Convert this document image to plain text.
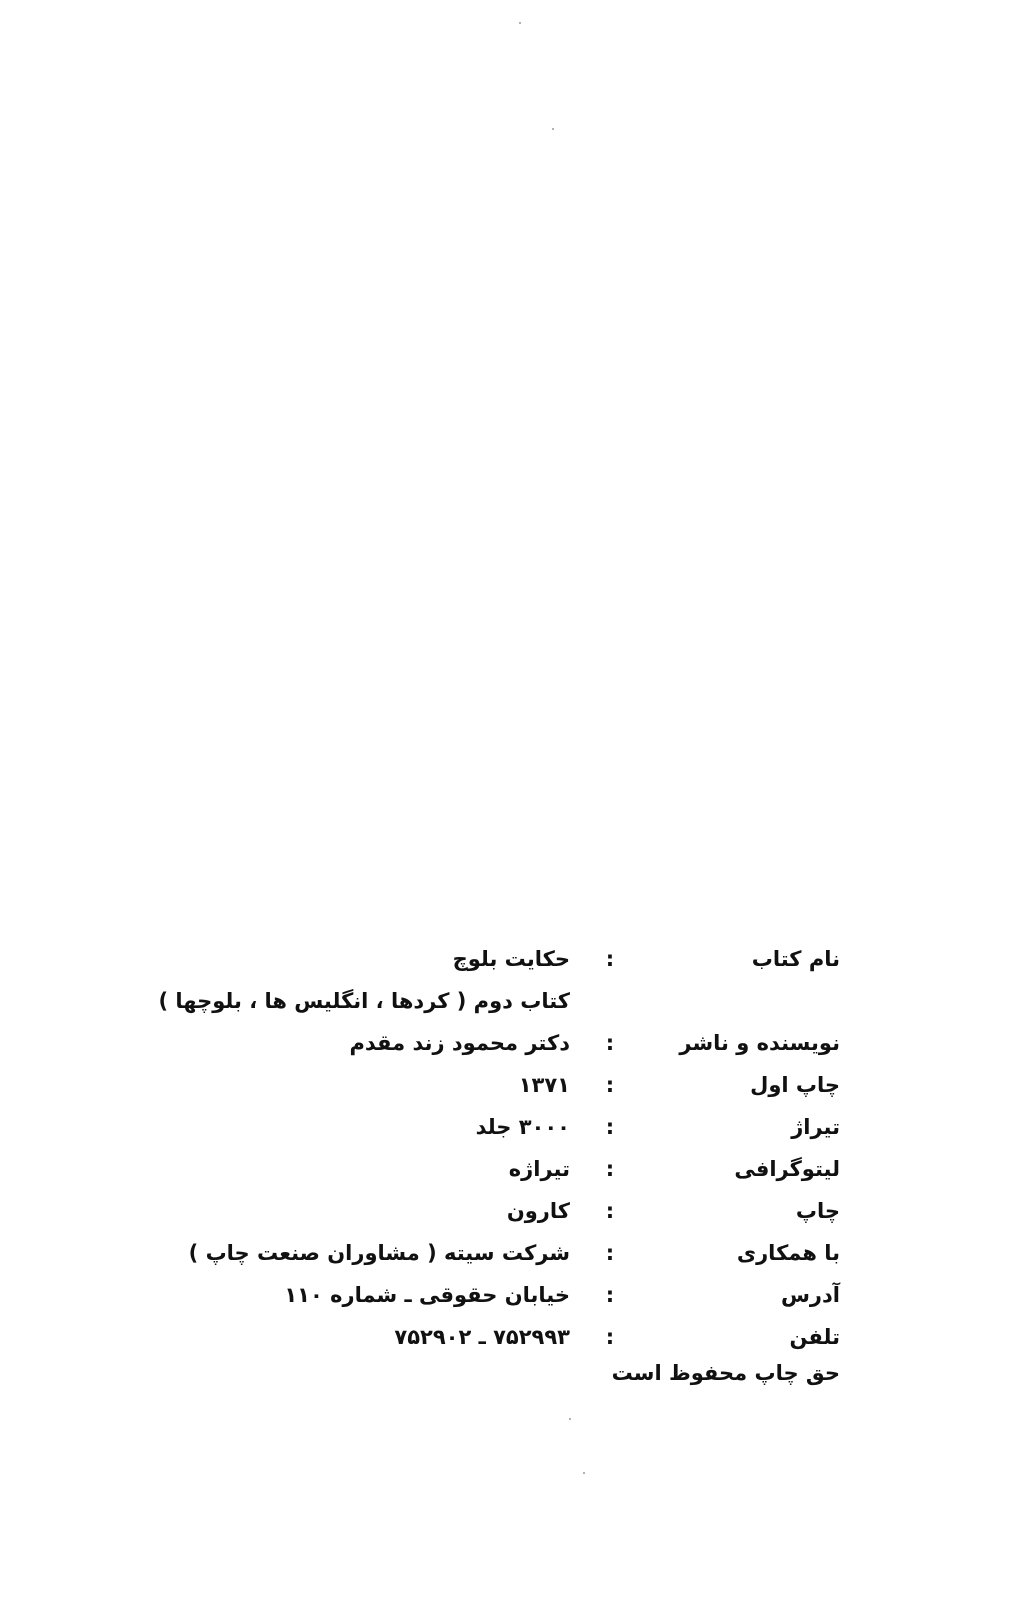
نام کتاب
:
حکایت بلوچ
کتاب دوم ( کردها ، انگلیس ها ، بلوچها )
نویسنده و ناشر
:
دکتر محمود زند مقدم
چاپ اول
:
۱۳۷۱
تیراژ
:
۳۰۰۰ جلد
لیتوگرافی
:
تیراژه
چاپ
:
کارون
با همکاری
:
شرکت سیته ( مشاوران صنعت چاپ )
آدرس
:
خیابان حقوقی ـ شماره ۱۱۰
تلفن
:
۷۵۲۹۹۳ ـ ۷۵۲۹۰۲
حق چاپ محفوظ است
